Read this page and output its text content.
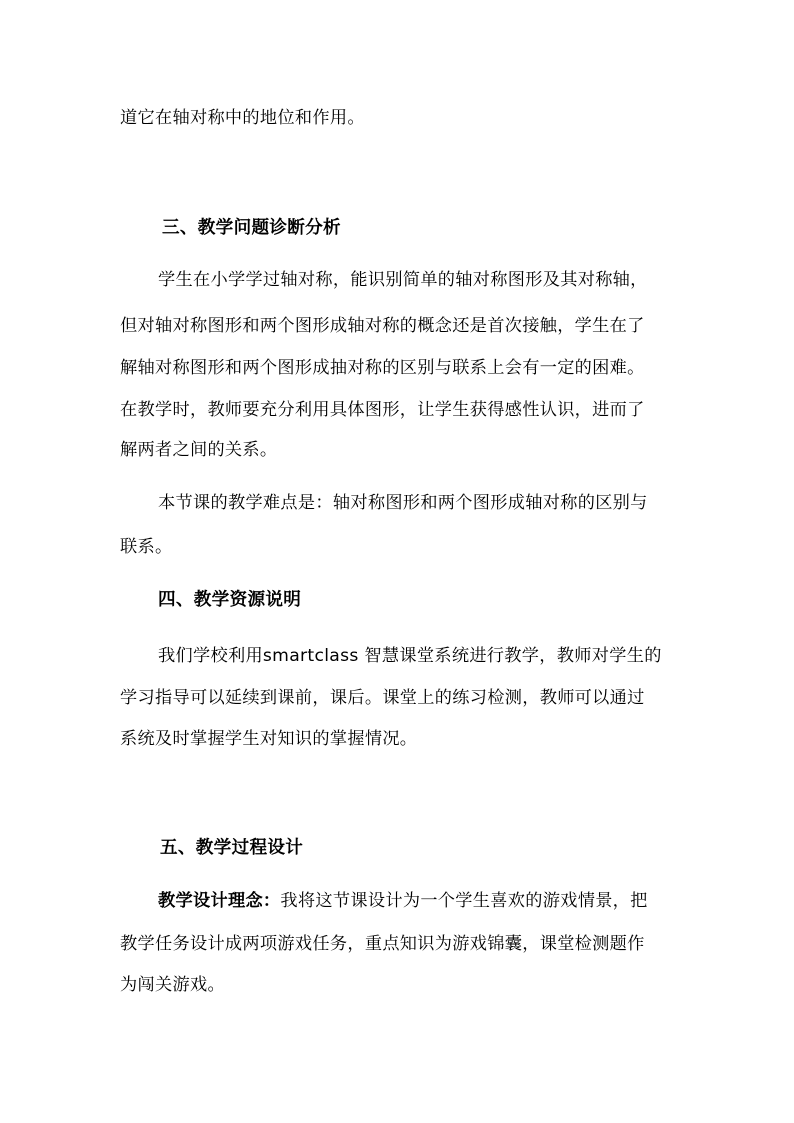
道它在轴对称中的地位和作用。
三、教学问题诊断分析
学生在小学学过轴对称，能识别简单的轴对称图形及其对称轴，
但对轴对称图形和两个图形成轴对称的概念还是首次接触，学生在了
解轴对称图形和两个图形成抽对称的区别与联系上会有一定的困难。
在教学时，教师要充分利用具体图形，让学生获得感性认识，进而了
解两者之间的关系。
本节课的教学难点是：轴对称图形和两个图形成轴对称的区别与
联系。
四、教学资源说明
我们学校利用smartclass 智慧课堂系统进行教学，教师对学生的
学习指导可以延续到课前，课后。课堂上的练习检测，教师可以通过
系统及时掌握学生对知识的掌握情况。
五、教学过程设计
教学设计理念：我将这节课设计为一个学生喜欢的游戏情景，把
教学任务设计成两项游戏任务，重点知识为游戏锦囊，课堂检测题作
为闯关游戏。
